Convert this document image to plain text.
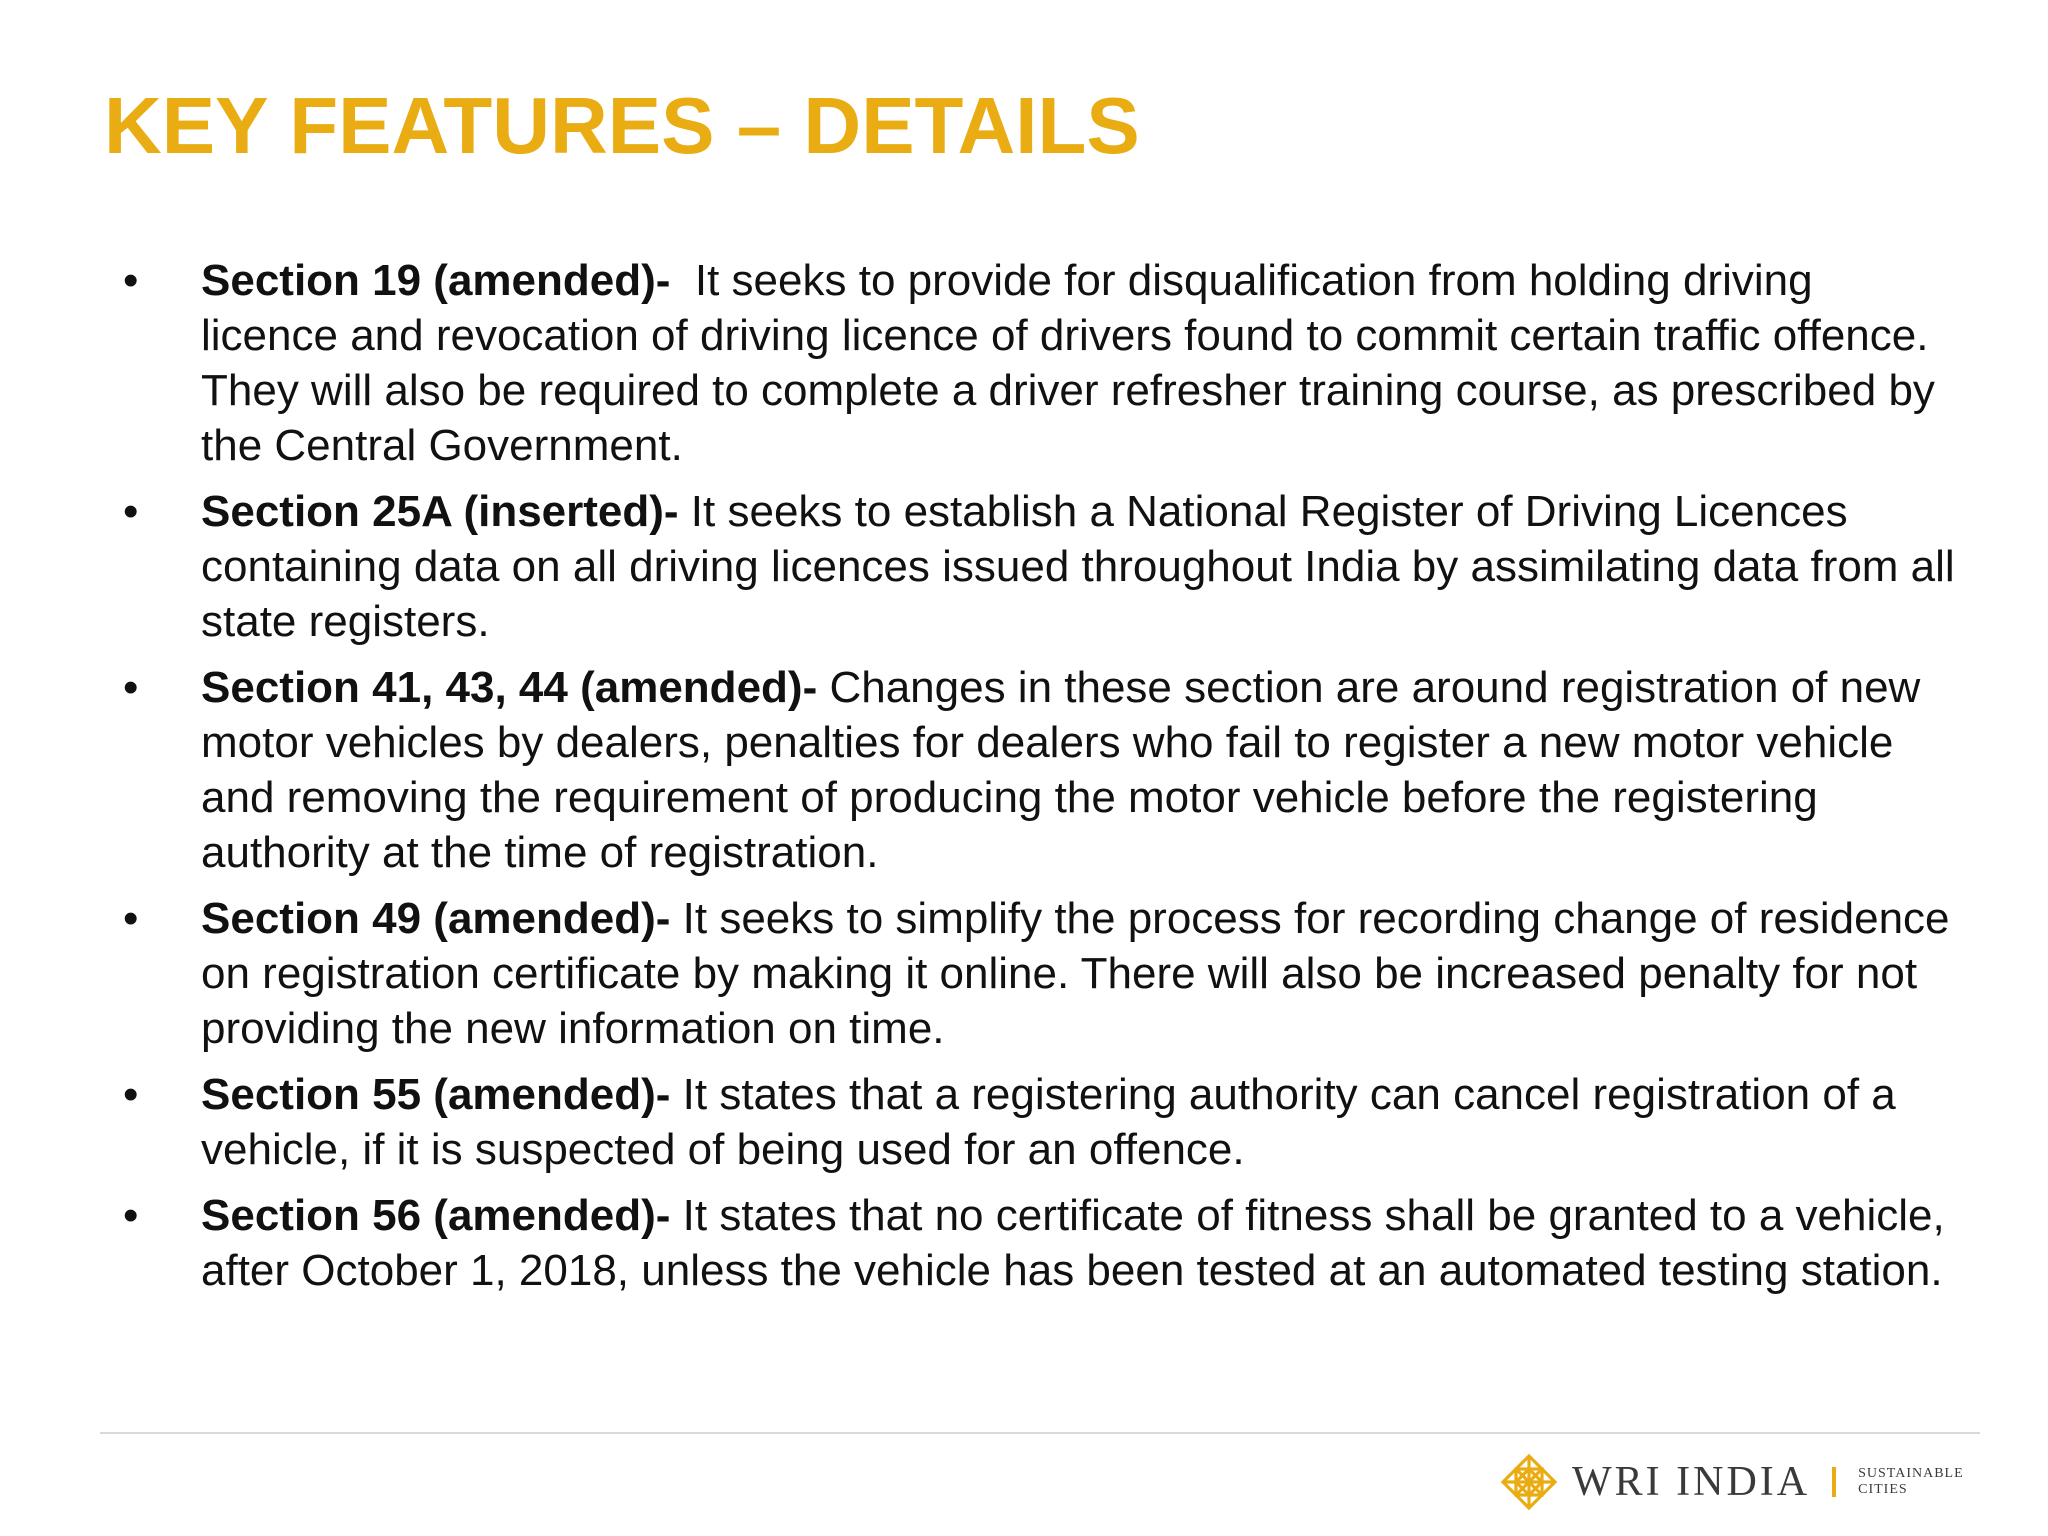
KEY FEATURES – DETAILS
• Section 19 (amended)-  It seeks to provide for disqualification from holding driving licence and revocation of driving licence of drivers found to commit certain traffic offence. They will also be required to complete a driver refresher training course, as prescribed by the Central Government.
• Section 25A (inserted)- It seeks to establish a National Register of Driving Licences containing data on all driving licences issued throughout India by assimilating data from all state registers.
• Section 41, 43, 44 (amended)- Changes in these section are around registration of new motor vehicles by dealers, penalties for dealers who fail to register a new motor vehicle and removing the requirement of producing the motor vehicle before the registering authority at the time of registration.
• Section 49 (amended)- It seeks to simplify the process for recording change of residence on registration certificate by making it online. There will also be increased penalty for not providing the new information on time.
• Section 55 (amended)- It states that a registering authority can cancel registration of a vehicle, if it is suspected of being used for an offence.
• Section 56 (amended)- It states that no certificate of fitness shall be granted to a vehicle, after October 1, 2018, unless the vehicle has been tested at an automated testing station.
WRI INDIA	SUSTAINABLE
CITIES
